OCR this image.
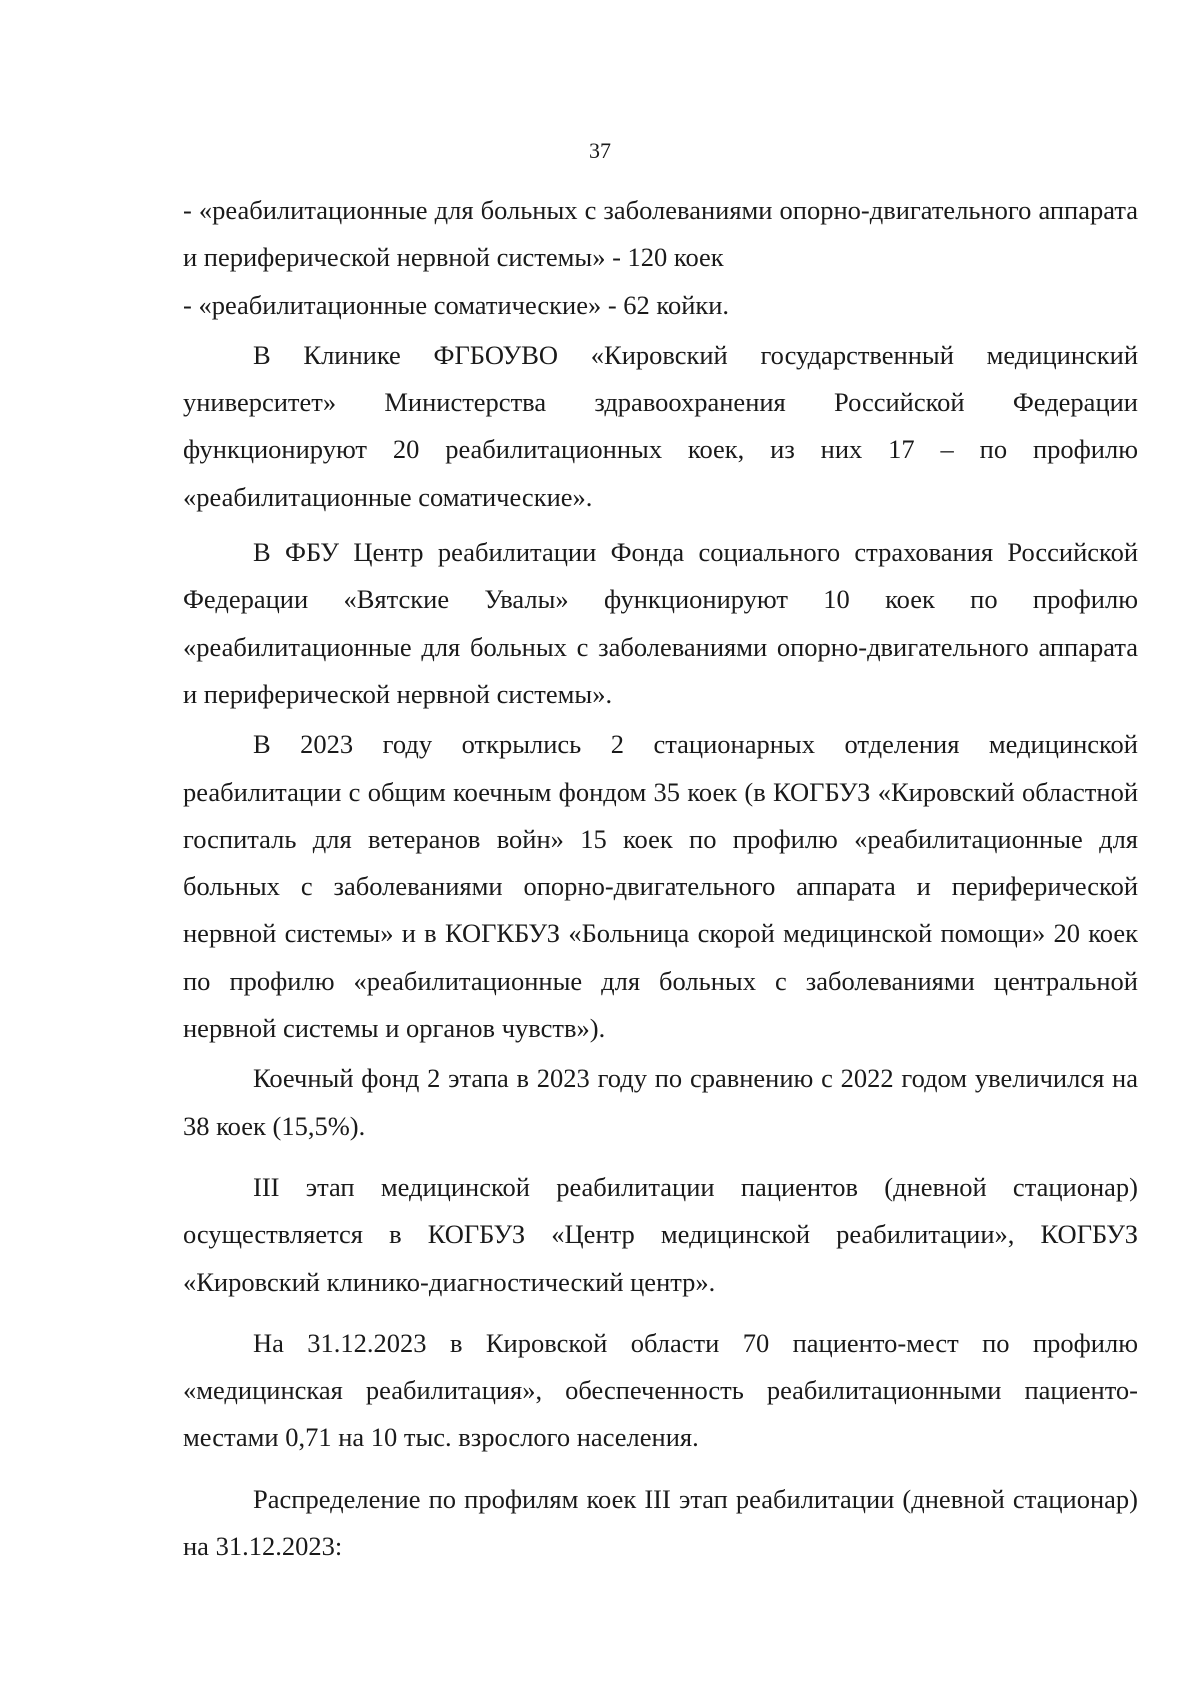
37

- «реабилитационные для больных с заболеваниями опорно-двигательного аппарата и периферической нервной системы» - 120 коек

- «реабилитационные соматические» - 62 койки.

В Клинике ФГБОУВО «Кировский государственный медицинский университет» Министерства здравоохранения Российской Федерации функционируют 20 реабилитационных коек, из них 17 – по профилю «реабилитационные соматические».

В ФБУ Центр реабилитации Фонда социального страхования Российской Федерации «Вятские Увалы» функционируют 10 коек по профилю «реабилитационные для больных с заболеваниями опорно-двигательного аппарата и периферической нервной системы».

В 2023 году открылись 2 стационарных отделения медицинской реабилитации с общим коечным фондом 35 коек (в КОГБУЗ «Кировский областной госпиталь для ветеранов войн» 15 коек по профилю «реабилитационные для больных с заболеваниями опорно-двигательного аппарата и периферической нервной системы» и в КОГКБУЗ «Больница скорой медицинской помощи» 20 коек по профилю «реабилитационные для больных с заболеваниями центральной нервной системы и органов чувств»).

Коечный фонд 2 этапа в 2023 году по сравнению с 2022 годом увеличился на 38 коек (15,5%).

III этап медицинской реабилитации пациентов (дневной стационар) осуществляется в КОГБУЗ «Центр медицинской реабилитации», КОГБУЗ «Кировский клинико-диагностический центр».

На 31.12.2023 в Кировской области 70 пациенто-мест по профилю «медицинская реабилитация», обеспеченность реабилитационными пациенто-местами 0,71 на 10 тыс. взрослого населения.

Распределение по профилям коек III этап реабилитации (дневной стационар) на 31.12.2023:
